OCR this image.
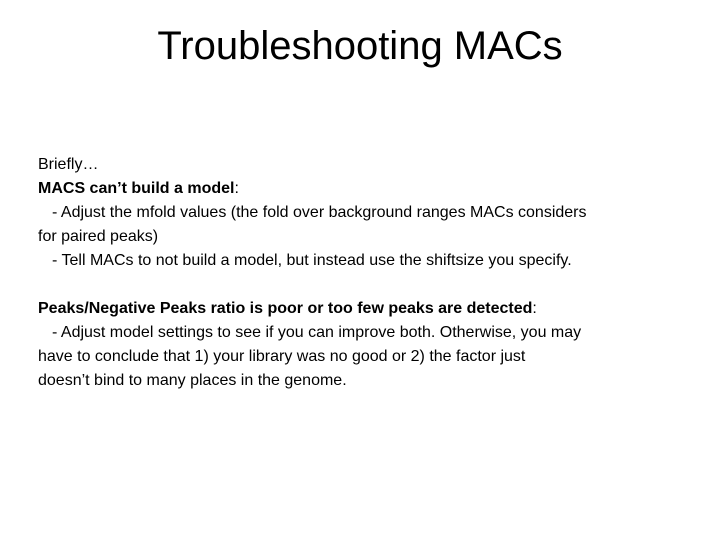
Troubleshooting MACs

Briefly…

MACS can’t build a model:

- Adjust the mfold values (the fold over background ranges MACs considers

for paired peaks)

- Tell MACs to not build a model, but instead use the shiftsize you specify.

Peaks/Negative Peaks ratio is poor or too few peaks are detected:

- Adjust model settings to see if you can improve both. Otherwise, you may

have to conclude that 1) your library was no good or 2) the factor just

doesn’t bind to many places in the genome.
